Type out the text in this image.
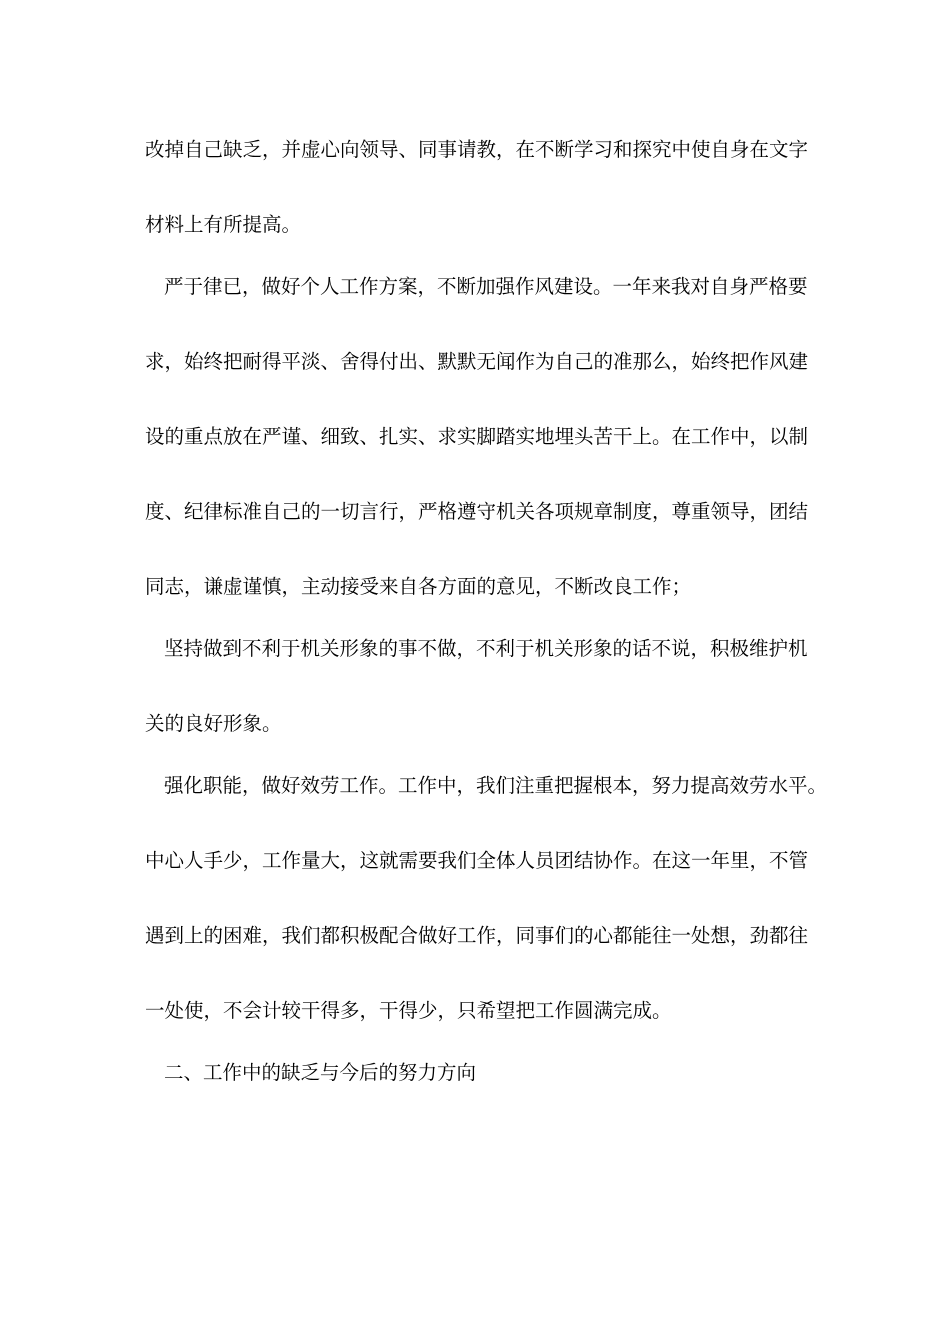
改掉自己缺乏，并虚心向领导、同事请教，在不断学习和探究中使自身在文字
材料上有所提高。
严于律已，做好个人工作方案，不断加强作风建设。一年来我对自身严格要
求，始终把耐得平淡、舍得付出、默默无闻作为自己的准那么，始终把作风建
设的重点放在严谨、细致、扎实、求实脚踏实地埋头苦干上。在工作中，以制
度、纪律标准自己的一切言行，严格遵守机关各项规章制度，尊重领导，团结
同志，谦虚谨慎，主动接受来自各方面的意见，不断改良工作；
坚持做到不利于机关形象的事不做，不利于机关形象的话不说，积极维护机
关的良好形象。
强化职能，做好效劳工作。工作中，我们注重把握根本，努力提高效劳水平。
中心人手少，工作量大，这就需要我们全体人员团结协作。在这一年里，不管
遇到上的困难，我们都积极配合做好工作，同事们的心都能往一处想，劲都往
一处使，不会计较干得多，干得少，只希望把工作圆满完成。
二、工作中的缺乏与今后的努力方向
